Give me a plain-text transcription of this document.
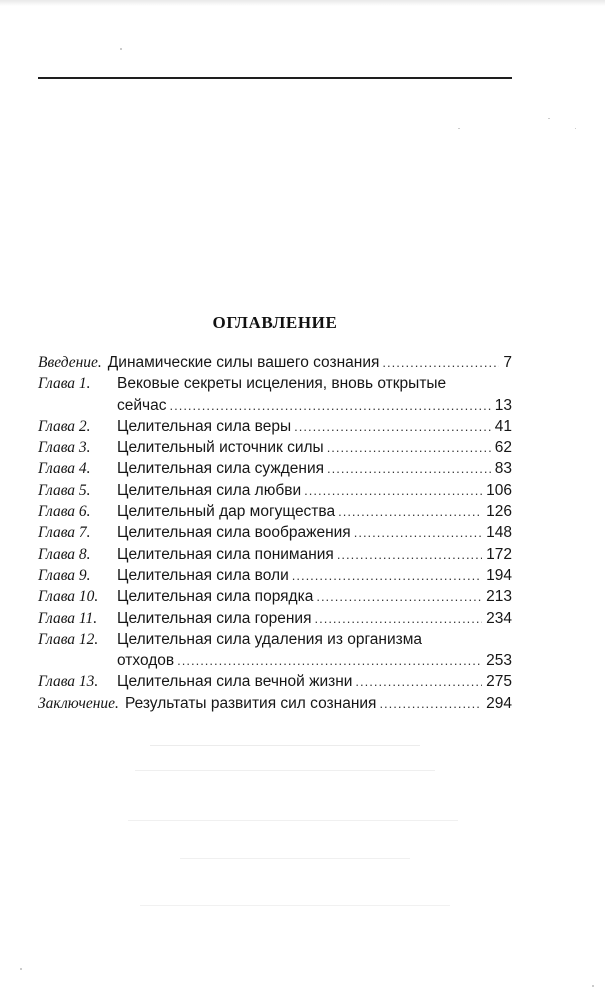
ОГЛАВЛЕНИЕ
Введение. Динамические силы вашего сознания .....	7
Глава 1.	Вековые секреты исцеления, вновь открытые
сейчас .....	13
Глава 2.	Целительная сила веры .....	41
Глава 3.	Целительный источник силы .....	62
Глава 4.	Целительная сила суждения .....	83
Глава 5.	Целительная сила любви .....	106
Глава 6.	Целительный дар могущества .....	126
Глава 7.	Целительная сила воображения .....	148
Глава 8.	Целительная сила понимания .....	172
Глава 9.	Целительная сила воли .....	194
Глава 10.	Целительная сила порядка .....	213
Глава 11.	Целительная сила горения .....	234
Глава 12.	Целительная сила удаления из организма
отходов .....	253
Глава 13.	Целительная сила вечной жизни .....	275
Заключение. Результаты развития сил сознания .....	294
